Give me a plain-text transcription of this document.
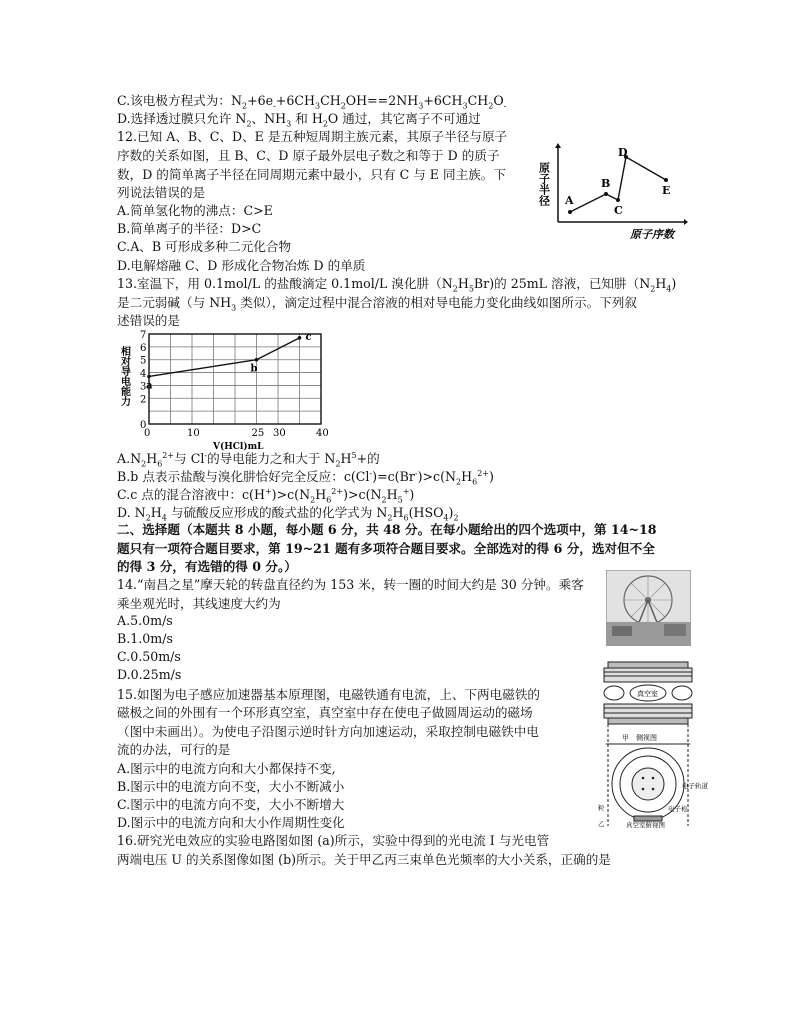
C.该电极方程式为：$N_2+6e_-+6CH_3CH_2OH==2NH_3+6CH_3CH_2O_-$
D.选择透过膜只允许 $N_2$、$NH_3$ 和 $H_2O$ 通过，其它离子不可通过
12.已知 A、B、C、D、E 是五种短周期主族元素，其原子半径与原子
序数的关系如图，且 B、C、D 原子最外层电子数之和等于 D 的质子
数，D 的简单离子半径在同周期元素中最小，只有 C 与 E 同主族。下
列说法错误的是
A.简单氢化物的沸点：C>E
B.简单离子的半径：D>C
C.A、B 可形成多种二元化合物
D.电解熔融 C、D 形成化合物冶炼 D 的单质
A
B
C
D
E
原子半径
原子序数
13.室温下，用 0.1mol/L 的盐酸滴定 0.1mol/L 溴化肼$(N_2H_5Br)$的 25mL 溶液，已知肼$(N_2H_4)$
是二元弱碱（与 $NH_3$ 类似），滴定过程中混合溶液的相对导电能力变化曲线如图所示。下列叙
述错误的是
0
2
3
4
5
6
7
0	10	25 30	40
V(HCl)mL
相对导电能力 a
b
c
$A.N_2H_6^{2+}$与 Cl-的导电能力之和大于 $N_2H^5+$的
B.b 点表示盐酸与溴化肼恰好完全反应：$c(Cl^-)=c(Br^-)>c(N_2H_6^{2+})$
C.c 点的混合溶液中：$c(H^+)>c(N_2H_6^{2+})>c(N_2H_5^+)$
D. $N_2H_4$ 与硫酸反应形成的酸式盐的化学式为 $N_2H_6(HSO_4)_2$
二、选择题（本题共 8 小题，每小题 6 分，共 48 分。在每小题给出的四个选项中，第 14~18
题只有一项符合题目要求，第 19~21 题有多项符合题目要求。全部选对的得 6 分，选对但不全
的得 3 分，有选错的得 0 分。）
14.“南昌之星”摩天轮的转盘直径约为 153 米，转一圈的时间大约是 30 分钟。乘客
乘坐观光时，其线速度大约为
A.5.0m/s
B.1.0m/s
C.0.50m/s
D.0.25m/s
15.如图为电子感应加速器基本原理图，电磁铁通有电流，上、下两电磁铁的
磁极之间的外围有一个环形真空室，真空室中存在使电子做圆周运动的磁场
（图中未画出）。为使电子沿图示逆时针方向加速运动，采取控制电磁铁中电
流的办法，可行的是
A.图示中的电流方向和大小都保持不变,
B.图示中的电流方向不变，大小不断减小
C.图示中的电流方向不变，大小不断增大
D.图示中的电流方向和大小作周期性变化
真空室
甲 侧视图
电子轨道
电子枪
粒
乙	真空室俯视图
16.研究光电效应的实验电路图如图 (a)所示，实验中得到的光电流 I 与光电管
两端电压 U 的关系图像如图 (b)所示。关于甲乙丙三束单色光频率的大小关系，正确的是
